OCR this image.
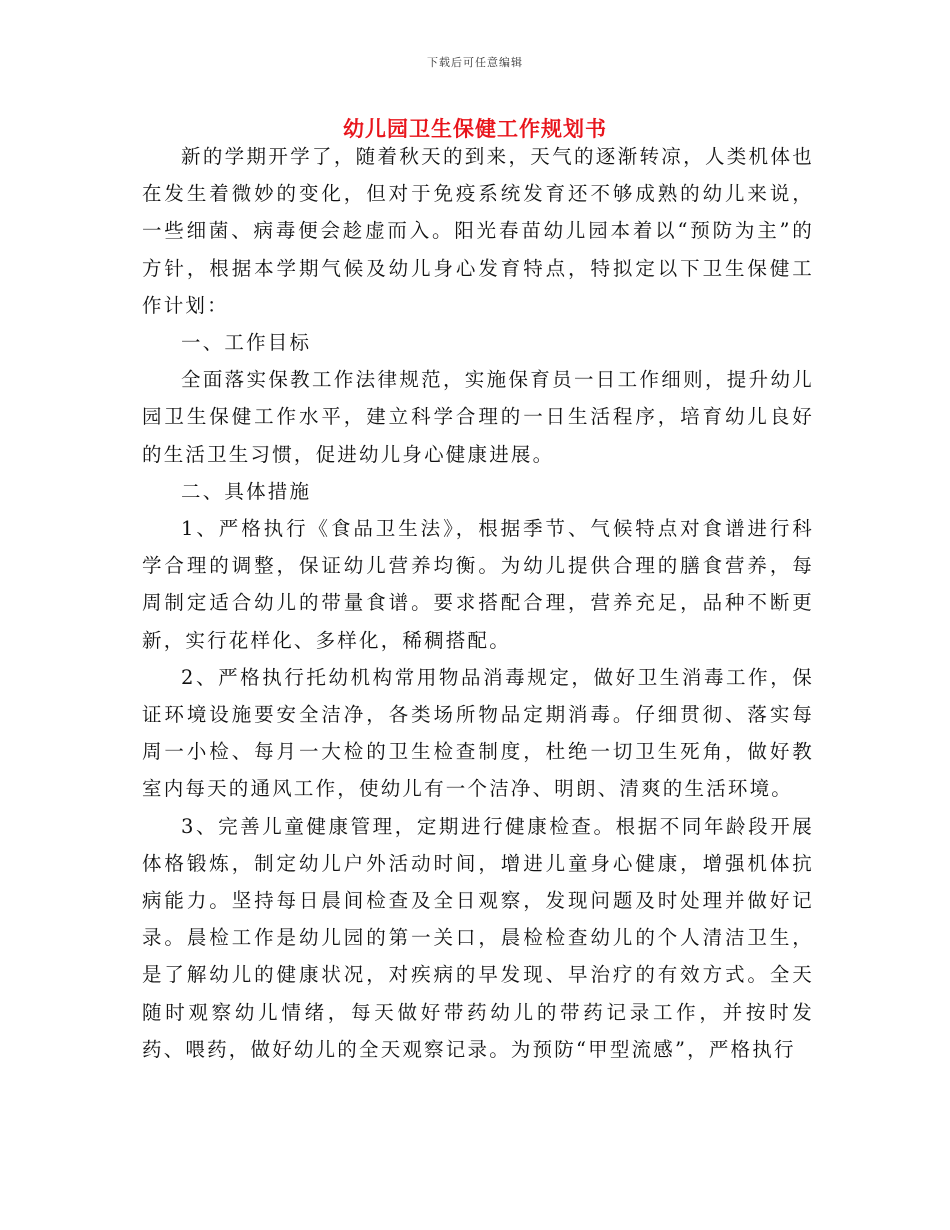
下载后可任意编辑
幼儿园卫生保健工作规划书

新的学期开学了，随着秋天的到来，天气的逐渐转凉，人类机体也在发生着微妙的变化，但对于免疫系统发育还不够成熟的幼儿来说，一些细菌、病毒便会趁虚而入。阳光春苗幼儿园本着以“预防为主”的方针，根据本学期气候及幼儿身心发育特点，特拟定以下卫生保健工作计划：

一、工作目标

全面落实保教工作法律规范，实施保育员一日工作细则，提升幼儿园卫生保健工作水平，建立科学合理的一日生活程序，培育幼儿良好的生活卫生习惯，促进幼儿身心健康进展。

二、具体措施

1、严格执行《食品卫生法》，根据季节、气候特点对食谱进行科学合理的调整，保证幼儿营养均衡。为幼儿提供合理的膳食营养，每周制定适合幼儿的带量食谱。要求搭配合理，营养充足，品种不断更新，实行花样化、多样化，稀稠搭配。

2、严格执行托幼机构常用物品消毒规定，做好卫生消毒工作，保证环境设施要安全洁净，各类场所物品定期消毒。仔细贯彻、落实每周一小检、每月一大检的卫生检查制度，杜绝一切卫生死角，做好教室内每天的通风工作，使幼儿有一个洁净、明朗、清爽的生活环境。

3、完善儿童健康管理，定期进行健康检查。根据不同年龄段开展体格锻炼，制定幼儿户外活动时间，增进儿童身心健康，增强机体抗病能力。坚持每日晨间检查及全日观察，发现问题及时处理并做好记录。晨检工作是幼儿园的第一关口，晨检检查幼儿的个人清洁卫生，是了解幼儿的健康状况，对疾病的早发现、早治疗的有效方式。全天随时观察幼儿情绪，每天做好带药幼儿的带药记录工作，并按时发药、喂药，做好幼儿的全天观察记录。为预防“甲型流感”，严格执行
